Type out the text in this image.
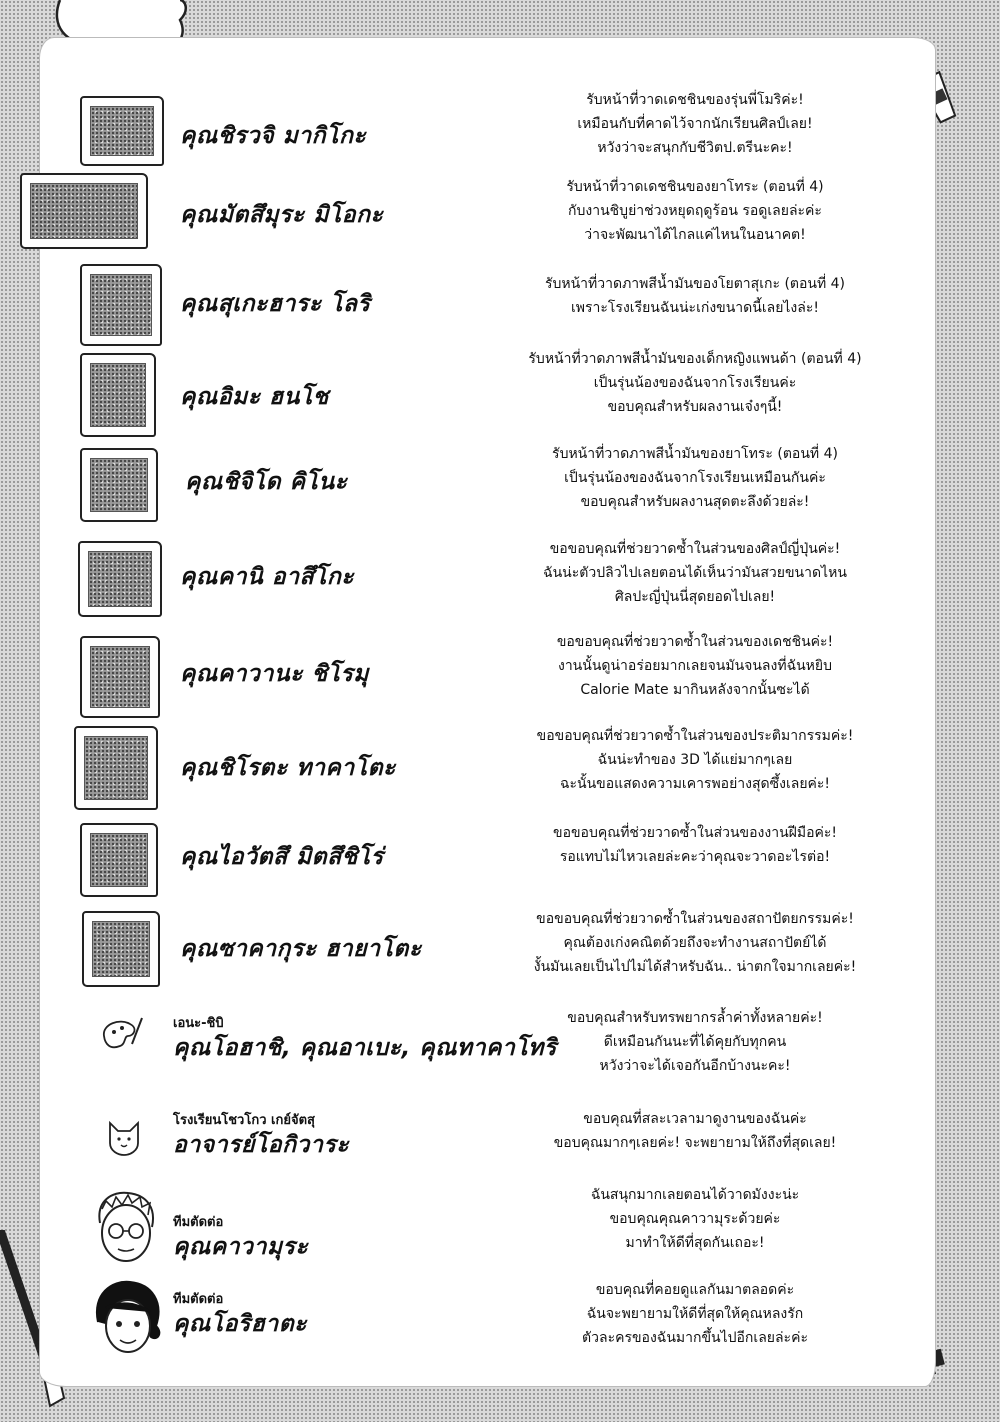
คุณชิรวจิ มากิโกะ
รับหน้าที่วาดเดชชินของรุ่นพี่โมริค่ะ!
เหมือนกับที่คาดไว้จากนักเรียนศิลป์เลย!
หวังว่าจะสนุกกับชีวิตป.ตรีนะคะ!
คุณมัตสึมุระ มิโอกะ
รับหน้าที่วาดเดชชินของยาโทระ (ตอนที่ 4)
กับงานชิบูย่าช่วงหยุดฤดูร้อน รอดูเลยล่ะค่ะ
ว่าจะพัฒนาได้ไกลแค่ไหนในอนาคต!
คุณสุเกะฮาระ โลริ
รับหน้าที่วาดภาพสีน้ำมันของโยตาสุเกะ (ตอนที่ 4)
เพราะโรงเรียนฉันน่ะเก่งขนาดนี้เลยไงล่ะ!
คุณอิมะ ฮนโช
รับหน้าที่วาดภาพสีน้ำมันของเด็กหญิงแพนด้า (ตอนที่ 4)
เป็นรุ่นน้องของฉันจากโรงเรียนค่ะ
ขอบคุณสำหรับผลงานเจ๋งๆนี้!
คุณชิจิโด คิโนะ
รับหน้าที่วาดภาพสีน้ำมันของยาโทระ (ตอนที่ 4)
เป็นรุ่นน้องของฉันจากโรงเรียนเหมือนกันค่ะ
ขอบคุณสำหรับผลงานสุดตะลึงด้วยล่ะ!
คุณคานิ อาสึโกะ
ขอขอบคุณที่ช่วยวาดซ้ำในส่วนของศิลป์ญี่ปุ่นค่ะ!
ฉันน่ะตัวปลิวไปเลยตอนได้เห็นว่ามันสวยขนาดไหน
ศิลปะญี่ปุ่นนี่สุดยอดไปเลย!
คุณคาวานะ ชิโรมุ
ขอขอบคุณที่ช่วยวาดซ้ำในส่วนของเดชชินค่ะ!
งานนั้นดูน่าอร่อยมากเลยจนมันจนลงที่ฉันหยิบ
Calorie Mate มากินหลังจากนั้นซะได้
คุณชิโรตะ ทาคาโตะ
ขอขอบคุณที่ช่วยวาดซ้ำในส่วนของประติมากรรมค่ะ!
ฉันน่ะทำของ 3D ได้แย่มากๆเลย
ฉะนั้นขอแสดงความเคารพอย่างสุดซึ้งเลยค่ะ!
คุณไอวัตสึ มิตสึชิโร่
ขอขอบคุณที่ช่วยวาดซ้ำในส่วนของงานฝีมือค่ะ!
รอแทบไม่ไหวเลยล่ะคะว่าคุณจะวาดอะไรต่อ!
คุณซาคากุระ ฮายาโตะ
ขอขอบคุณที่ช่วยวาดซ้ำในส่วนของสถาปัตยกรรมค่ะ!
คุณต้องเก่งคณิตด้วยถึงจะทำงานสถาปัตย์ได้
งั้นมันเลยเป็นไปไม่ได้สำหรับฉัน.. น่าตกใจมากเลยค่ะ!
เอนะ-ชิบิ
คุณโอฮาชิ, คุณอาเบะ, คุณทาคาโทริ
ขอบคุณสำหรับทรพยากรล้ำค่าทั้งหลายค่ะ!
ดีเหมือนกันนะที่ได้คุยกับทุกคน
หวังว่าจะได้เจอกันอีกบ้างนะคะ!
โรงเรียนโชวโกว เกย์จัตสุ
อาจารย์โอกิวาระ
ขอบคุณที่สละเวลามาดูงานของฉันค่ะ
ขอบคุณมากๆเลยค่ะ! จะพยายามให้ถึงที่สุดเลย!
ทีมตัดต่อ
คุณคาวามุระ
ฉันสนุกมากเลยตอนได้วาดมังงะน่ะ
ขอบคุณคุณคาวามุระด้วยค่ะ
มาทำให้ดีที่สุดกันเถอะ!
ทีมตัดต่อ
คุณโอริฮาตะ
ขอบคุณที่คอยดูแลกันมาตลอดค่ะ
ฉันจะพยายามให้ดีที่สุดให้คุณหลงรัก
ตัวละครของฉันมากขึ้นไปอีกเลยล่ะค่ะ
